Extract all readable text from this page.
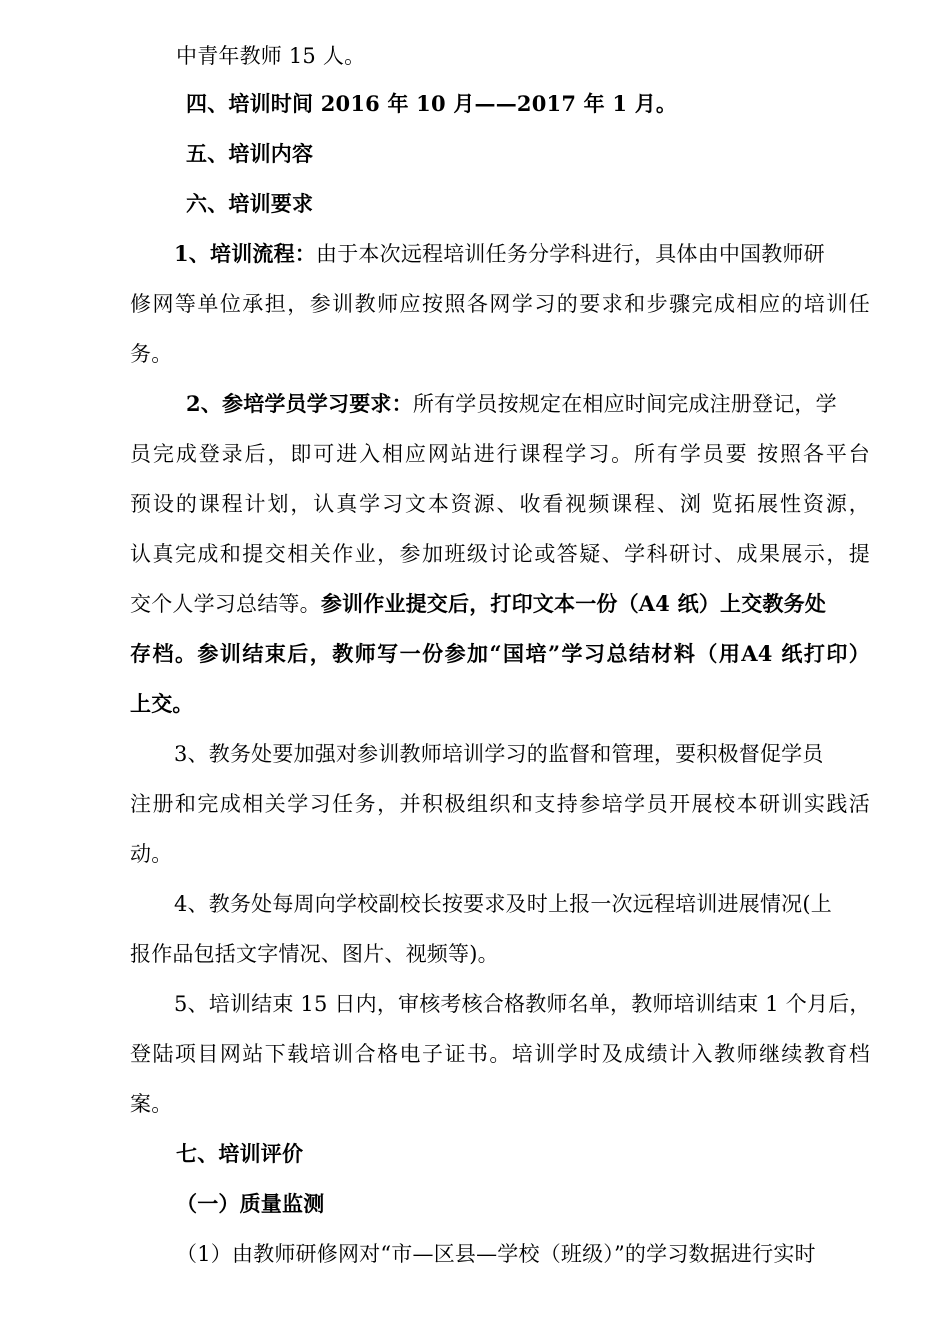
中青年教师 15 人。
四、培训时间 2016 年 10 月——2017 年 1 月。
五、培训内容
六、培训要求
1、培训流程：由于本次远程培训任务分学科进行，具体由中国教师研
修网等单位承担，参训教师应按照各网学习的要求和步骤完成相应的培训任
务。
2、参培学员学习要求：所有学员按规定在相应时间完成注册登记，学
员完成登录后，即可进入相应网站进行课程学习。所有学员要 按照各平台
预设的课程计划，认真学习文本资源、收看视频课程、浏 览拓展性资源，
认真完成和提交相关作业，参加班级讨论或答疑、学科研讨、成果展示，提
交个人学习总结等。参训作业提交后，打印文本一份（A4 纸）上交教务处
存档。参训结束后，教师写一份参加“国培”学习总结材料（用A4 纸打印）
上交。
3、教务处要加强对参训教师培训学习的监督和管理，要积极督促学员
注册和完成相关学习任务，并积极组织和支持参培学员开展校本研训实践活
动。
4、教务处每周向学校副校长按要求及时上报一次远程培训进展情况(上
报作品包括文字情况、图片、视频等)。
5、培训结束 15 日内，审核考核合格教师名单，教师培训结束 1 个月后，
登陆项目网站下载培训合格电子证书。培训学时及成绩计入教师继续教育档
案。
七、培训评价
（一）质量监测
（1）由教师研修网对“市—区县—学校（班级）”的学习数据进行实时
